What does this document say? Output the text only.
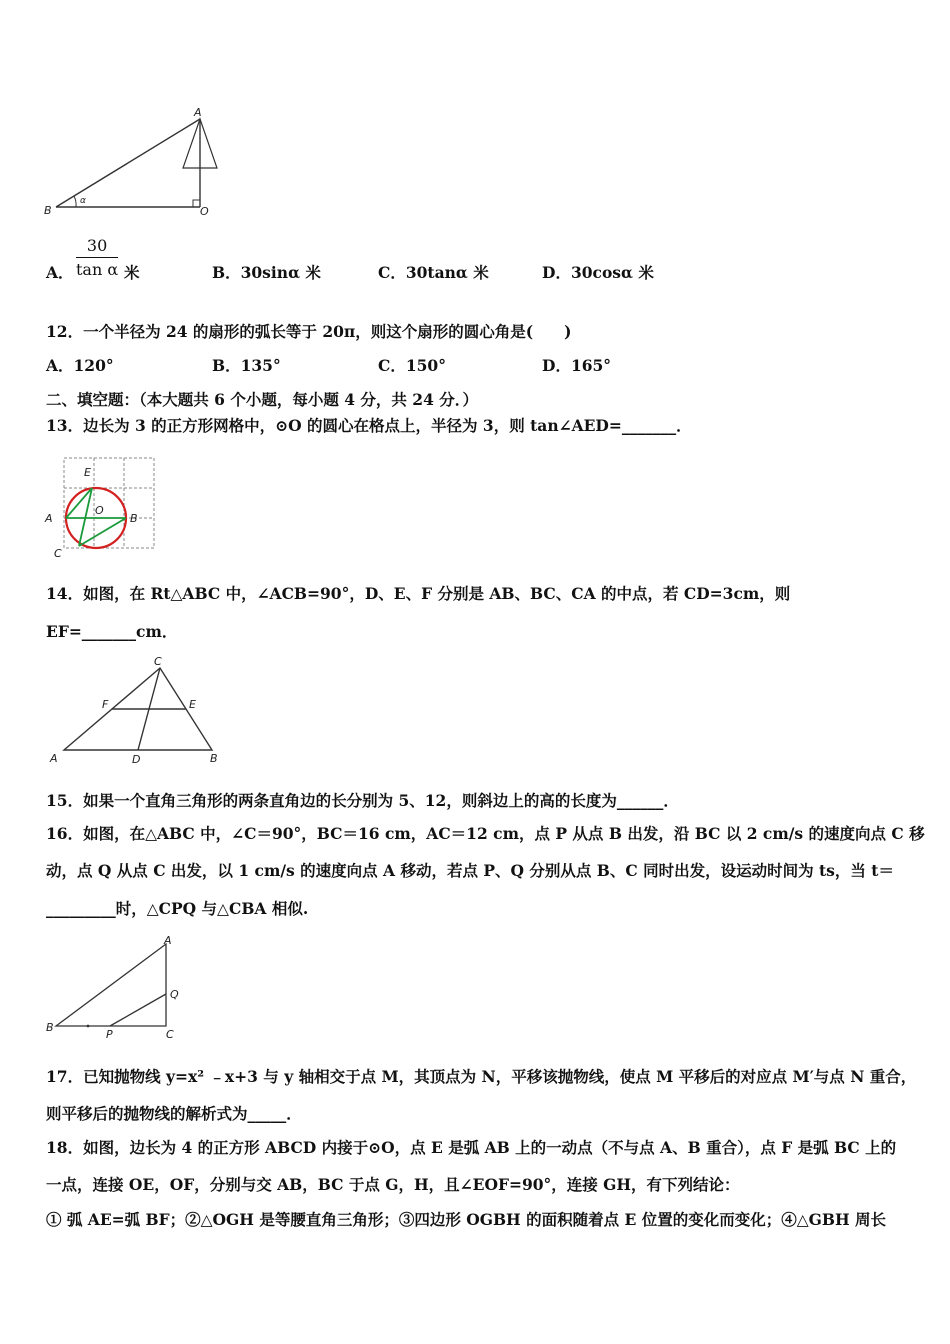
A
B	O
α
A． $\frac{30}{\text{tan α}}$ 米	B．30sinα 米	C．30tanα 米	D．30cosα 米
12．一个半径为 24 的扇形的弧长等于 20π，则这个扇形的圆心角是(　　)
A．120°	B．135°	C．150°	D．165°
二、填空题：（本大题共 6 个小题，每小题 4 分，共 24 分．）
13．边长为 3 的正方形网格中，⊙O 的圆心在格点上，半径为 3，则 tan∠AED=_______．
E
O
A	B
C
14．如图，在 Rt△ABC 中，∠ACB=90°，D、E、F 分别是 AB、BC、CA 的中点，若 CD=3cm，则
EF=_______cm．
C
F	E
A	D	B
15．如果一个直角三角形的两条直角边的长分别为 5、12，则斜边上的高的长度为______．
16．如图，在△ABC 中，∠C＝90°，BC＝16 cm，AC＝12 cm，点 P 从点 B 出发，沿 BC 以 2 cm/s 的速度向点 C 移
动，点 Q 从点 C 出发，以 1 cm/s 的速度向点 A 移动，若点 P、Q 分别从点 B、C 同时出发，设运动时间为 ts，当 t＝
_________时，△CPQ 与△CBA 相似.
A
Q
B
P	C
17．已知抛物线 y=x² ﹣x+3 与 y 轴相交于点 M，其顶点为 N，平移该抛物线，使点 M 平移后的对应点 M′与点 N 重合，
则平移后的抛物线的解析式为_____．
18．如图，边长为 4 的正方形 ABCD 内接于⊙O，点 E 是弧 AB 上的一动点（不与点 A、B 重合），点 F 是弧 BC 上的
一点，连接 OE，OF，分别与交 AB，BC 于点 G，H，且∠EOF=90°，连接 GH，有下列结论：
① 弧 AE=弧 BF；②△OGH 是等腰直角三角形；③四边形 OGBH 的面积随着点 E 位置的变化而变化；④△GBH 周长
